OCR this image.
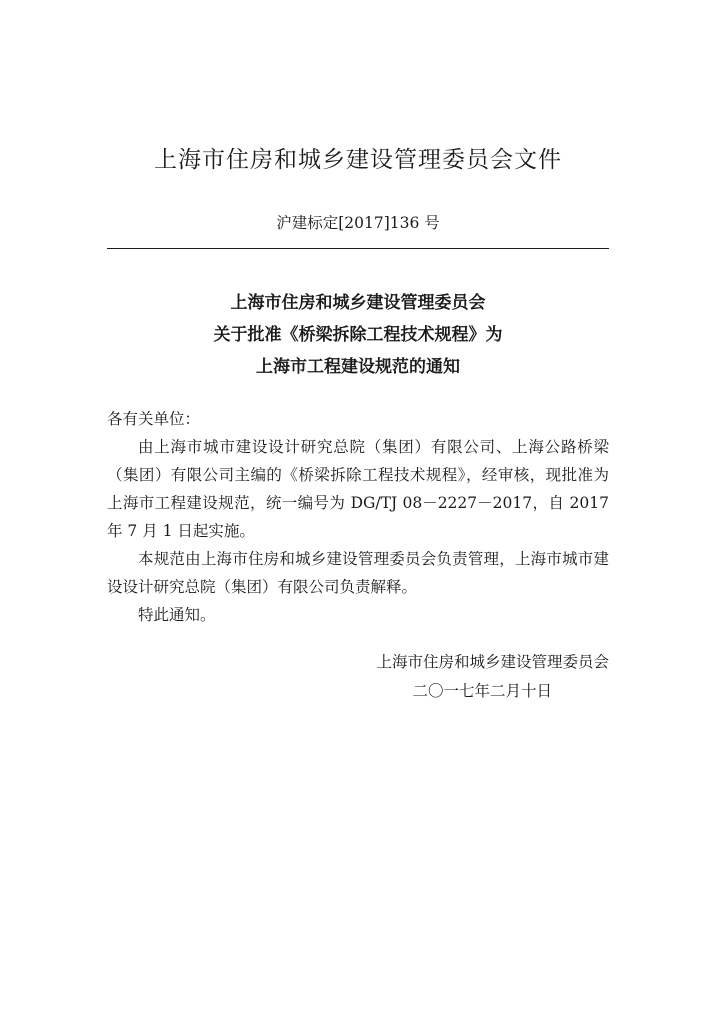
上海市住房和城乡建设管理委员会文件
沪建标定[2017]136 号
上海市住房和城乡建设管理委员会
关于批准《桥梁拆除工程技术规程》为
上海市工程建设规范的通知

各有关单位：

由上海市城市建设设计研究总院（集团）有限公司、上海公路桥梁（集团）有限公司主编的《桥梁拆除工程技术规程》，经审核，现批准为上海市工程建设规范，统一编号为 DG/TJ 08－2227－2017，自 2017 年 7 月 1 日起实施。

本规范由上海市住房和城乡建设管理委员会负责管理，上海市城市建设设计研究总院（集团）有限公司负责解释。

特此通知。

上海市住房和城乡建设管理委员会
二〇一七年二月十日
